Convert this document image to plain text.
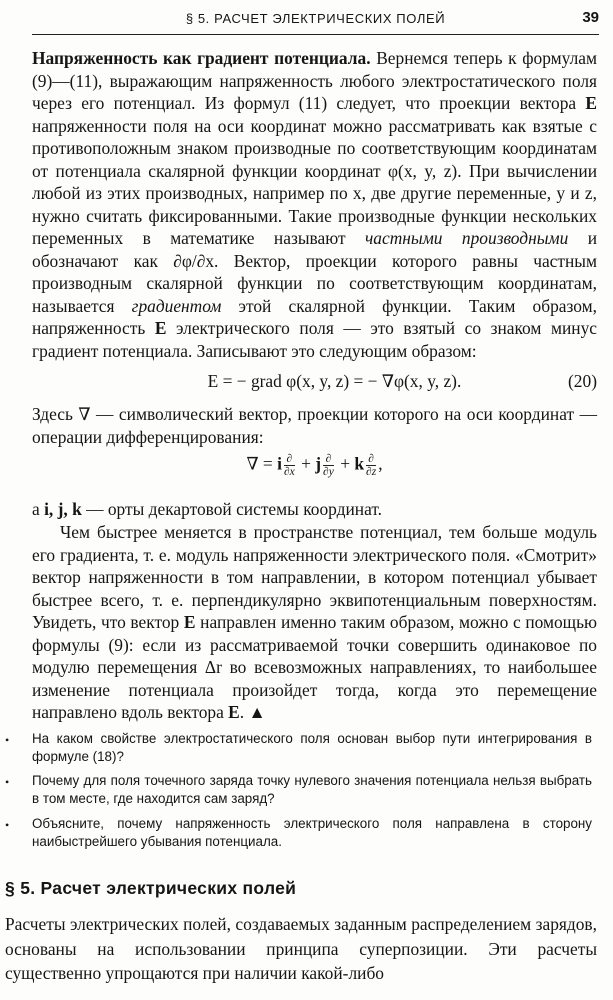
§ 5. РАСЧЕТ ЭЛЕКТРИЧЕСКИХ ПОЛЕЙ	39
Напряженность как градиент потенциала. Вернемся теперь к формулам (9)—(11), выражающим напряженность любого электростатического поля через его потенциал. Из формул (11) следует, что проекции вектора E напряженности поля на оси координат можно рассматривать как взятые с противоположным знаком производные по соответствующим координатам от потенциала скалярной функции координат φ(x, y, z). При вычислении любой из этих производных, например по x, две другие переменные, y и z, нужно считать фиксированными. Такие производные функции нескольких переменных в математике называют частными производными и обозначают как ∂φ/∂x. Вектор, проекции которого равны частным производным скалярной функции по соответствующим координатам, называется градиентом этой скалярной функции. Таким образом, напряженность E электрического поля — это взятый со знаком минус градиент потенциала. Записывают это следующим образом:
E = − grad φ(x, y, z) = − ∇φ(x, y, z).	(20)
Здесь ∇ — символический вектор, проекции которого на оси координат — операции дифференцирования:
∇ = i $\frac{\partial}{\partial x} + j \frac{\partial}{\partial y} + k \frac{\partial}{\partial z}$ ,
а i, j, k — орты декартовой системы координат.
Чем быстрее меняется в пространстве потенциал, тем больше модуль его градиента, т. е. модуль напряженности электрического поля. «Смотрит» вектор напряженности в том направлении, в котором потенциал убывает быстрее всего, т. е. перпендикулярно эквипотенциальным поверхностям. Увидеть, что вектор E направлен именно таким образом, можно с помощью формулы (9): если из рассматриваемой точки совершить одинаковое по модулю перемещения Δr во всевозможных направлениях, то наибольшее изменение потенциала произойдет тогда, когда это перемещение направлено вдоль вектора E. ▲
• На каком свойстве электростатического поля основан выбор пути интегрирования в формуле (18)?
• Почему для поля точечного заряда точку нулевого значения потенциала нельзя выбрать в том месте, где находится сам заряд?
• Объясните, почему напряженность электрического поля направлена в сторону наибыстрейшего убывания потенциала.
§ 5. Расчет электрических полей
Расчеты электрических полей, создаваемых заданным распределением зарядов, основаны на использовании принципа суперпозиции. Эти расчеты существенно упрощаются при наличии какой-либо
